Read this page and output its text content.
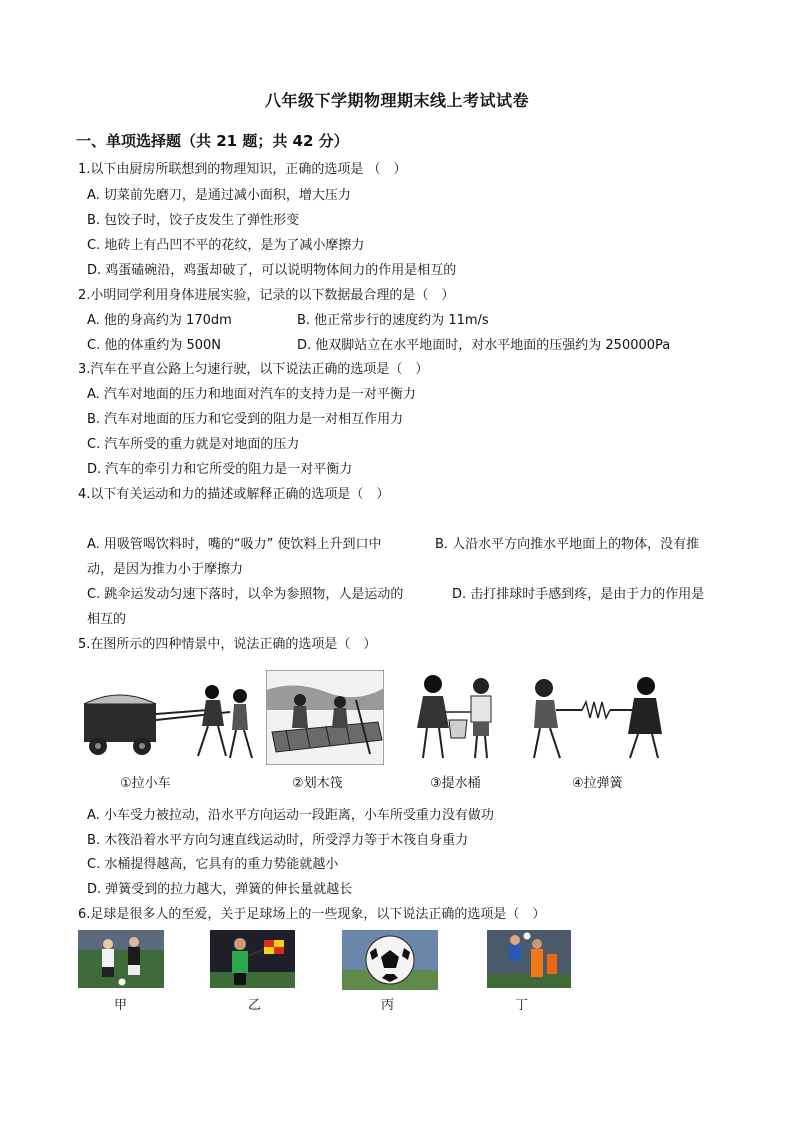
八年级下学期物理期末线上考试试卷
一、单项选择题（共 21 题；共 42 分）
1.以下由厨房所联想到的物理知识，正确的选项是 （　）
A. 切菜前先磨刀，是通过减小面积，增大压力
B. 包饺子时，饺子皮发生了弹性形变
C. 地砖上有凸凹不平的花纹，是为了减小摩擦力
D. 鸡蛋磕碗沿，鸡蛋却破了，可以说明物体间力的作用是相互的
2.小明同学利用身体进展实验，记录的以下数据最合理的是（　）
A. 他的身高约为 170dm	B. 他正常步行的速度约为 11m/s
C. 他的体重约为 500N	D. 他双脚站立在水平地面时，对水平地面的压强约为 250000Pa
3.汽车在平直公路上匀速行驶，以下说法正确的选项是（　）
A. 汽车对地面的压力和地面对汽车的支持力是一对平衡力
B. 汽车对地面的压力和它受到的阻力是一对相互作用力
C. 汽车所受的重力就是对地面的压力
D. 汽车的牵引力和它所受的阻力是一对平衡力
4.以下有关运动和力的描述或解释正确的选项是（　）
A. 用吸管喝饮料时，嘴的“吸力” 使饮料上升到口中	B. 人沿水平方向推水平地面上的物体，没有推
动，是因为推力小于摩擦力
C. 跳伞运发动匀速下落时，以伞为参照物，人是运动的	D. 击打排球时手感到疼，是由于力的作用是
相互的
5.在图所示的四种情景中，说法正确的选项是（　）
①拉小车	②划木筏	③提水桶	④拉弹簧
A. 小车受力被拉动，沿水平方向运动一段距离，小车所受重力没有做功
B. 木筏沿着水平方向匀速直线运动时，所受浮力等于木筏自身重力
C. 水桶提得越高，它具有的重力势能就越小
D. 弹簧受到的拉力越大，弹簧的伸长量就越长
6.足球是很多人的至爱，关于足球场上的一些现象，以下说法正确的选项是（　）
甲	乙	丙	丁
